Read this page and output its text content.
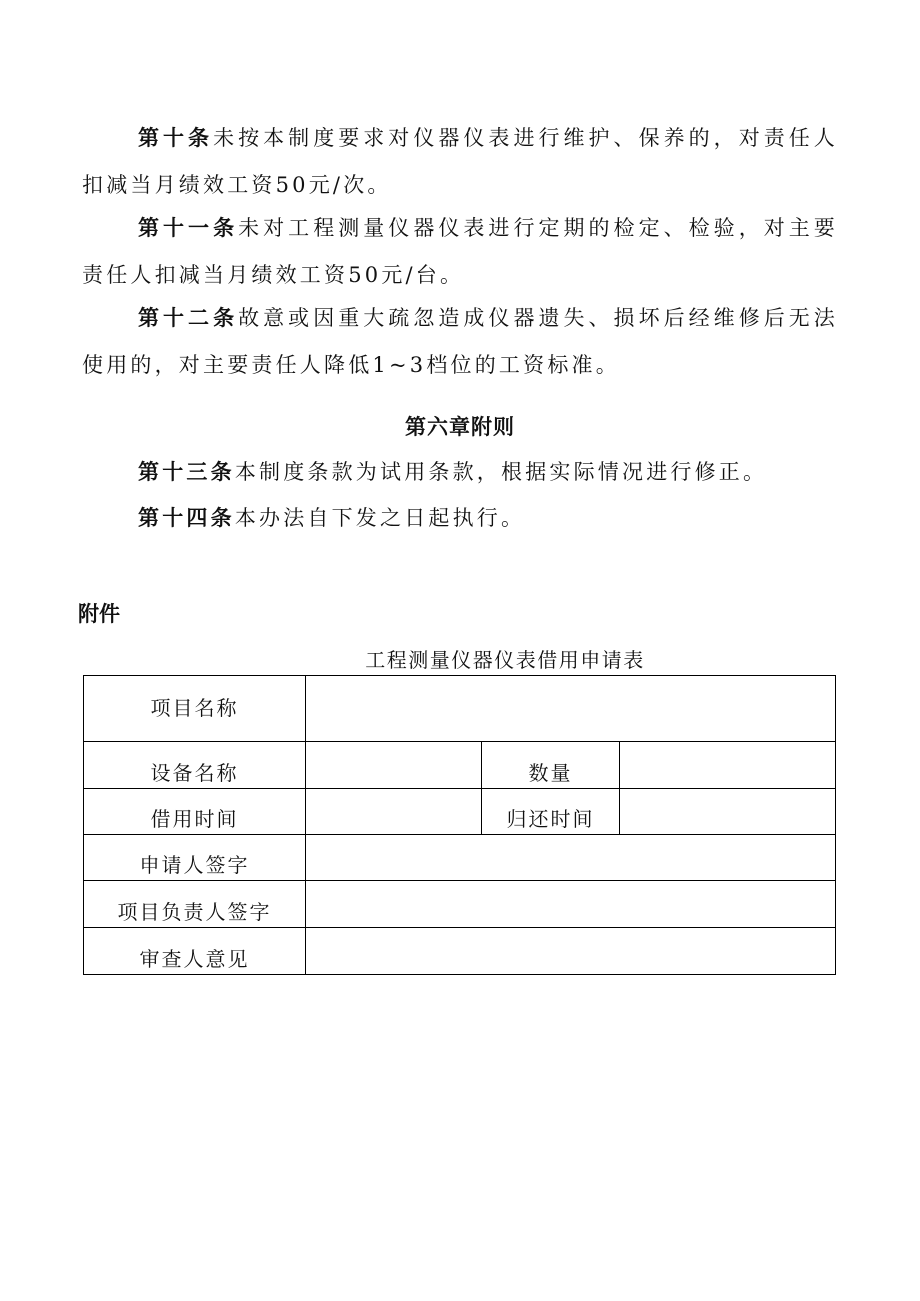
第十条未按本制度要求对仪器仪表进行维护、保养的，对责任人扣减当月绩效工资50元/次。

第十一条未对工程测量仪器仪表进行定期的检定、检验，对主要责任人扣减当月绩效工资50元/台。

第十二条故意或因重大疏忽造成仪器遗失、损坏后经维修后无法使用的，对主要责任人降低1~3档位的工资标准。

第六章附则

第十三条本制度条款为试用条款，根据实际情况进行修正。

第十四条本办法自下发之日起执行。

附件

工程测量仪器仪表借用申请表

项目名称			
设备名称		数量	
借用时间		归还时间	
申请人签字			
项目负责人签字			
审查人意见			
